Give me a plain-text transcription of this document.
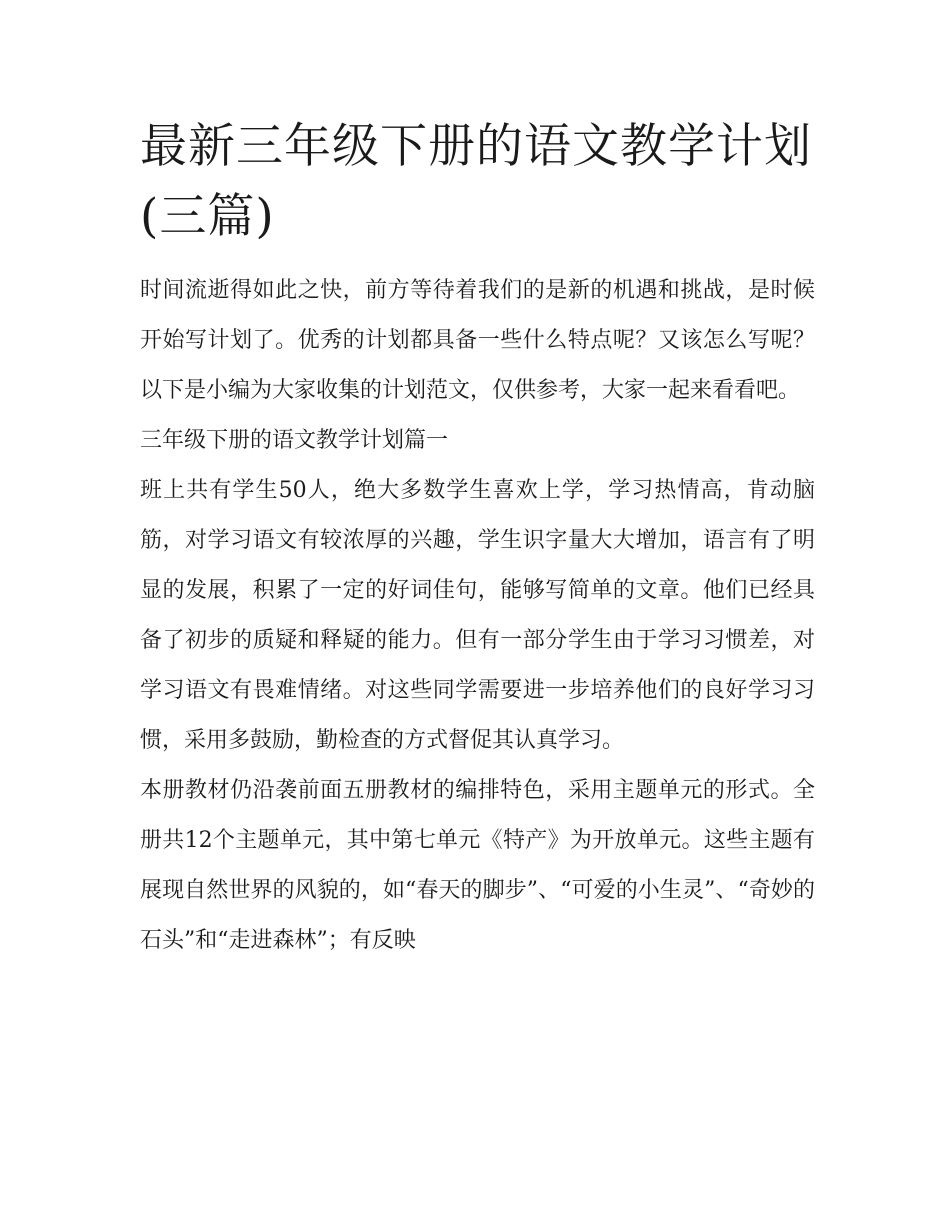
最新三年级下册的语文教学计划(三篇)

时间流逝得如此之快，前方等待着我们的是新的机遇和挑战，是时候开始写计划了。优秀的计划都具备一些什么特点呢？又该怎么写呢？以下是小编为大家收集的计划范文，仅供参考，大家一起来看看吧。

三年级下册的语文教学计划篇一

班上共有学生50人，绝大多数学生喜欢上学，学习热情高，肯动脑筋，对学习语文有较浓厚的兴趣，学生识字量大大增加，语言有了明显的发展，积累了一定的好词佳句，能够写简单的文章。他们已经具备了初步的质疑和释疑的能力。但有一部分学生由于学习习惯差，对学习语文有畏难情绪。对这些同学需要进一步培养他们的良好学习习惯，采用多鼓励，勤检查的方式督促其认真学习。

本册教材仍沿袭前面五册教材的编排特色，采用主题单元的形式。全册共12个主题单元，其中第七单元《特产》为开放单元。这些主题有展现自然世界的风貌的，如“春天的脚步”、“可爱的小生灵”、“奇妙的石头”和“走进森林”；有反映
